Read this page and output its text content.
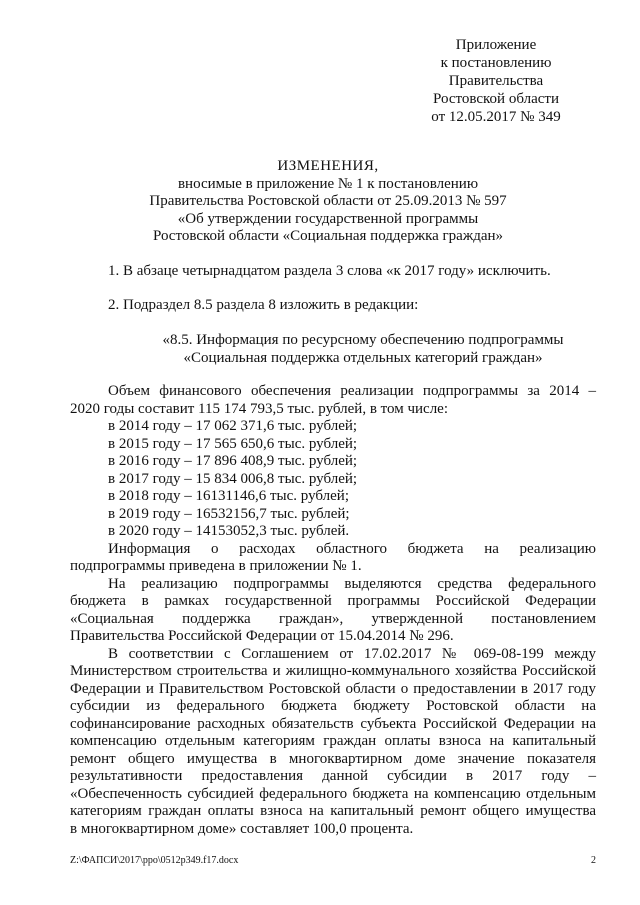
Приложение
к постановлению
Правительства
Ростовской области
от 12.05.2017 № 349
ИЗМЕНЕНИЯ,
вносимые в приложение № 1 к постановлению
Правительства Ростовской области от 25.09.2013 № 597
«Об утверждении государственной программы
Ростовской области «Социальная поддержка граждан»
1. В абзаце четырнадцатом раздела 3 слова «к 2017 году» исключить.
2. Подраздел 8.5 раздела 8 изложить в редакции:
«8.5. Информация по ресурсному обеспечению подпрограммы
«Социальная поддержка отдельных категорий граждан»
Объем финансового обеспечения реализации подпрограммы за 2014 –
2020 годы составит 115 174 793,5 тыс. рублей, в том числе:
в 2014 году – 17 062 371,6 тыс. рублей;
в 2015 году – 17 565 650,6 тыс. рублей;
в 2016 году – 17 896 408,9 тыс. рублей;
в 2017 году – 15 834 006,8 тыс. рублей;
в 2018 году – 16131146,6 тыс. рублей;
в 2019 году – 16532156,7 тыс. рублей;
в 2020 году – 14153052,3 тыс. рублей.
Информация о расходах областного бюджета на реализацию
подпрограммы приведена в приложении № 1.
На реализацию подпрограммы выделяются средства федерального
бюджета в рамках государственной программы Российской Федерации
«Социальная поддержка граждан», утвержденной постановлением
Правительства Российской Федерации от 15.04.2014 № 296.
В соответствии с Соглашением от 17.02.2017 № 069-08-199 между
Министерством строительства и жилищно-коммунального хозяйства Российской
Федерации и Правительством Ростовской области о предоставлении в 2017 году
субсидии из федерального бюджета бюджету Ростовской области на
софинансирование расходных обязательств субъекта Российской Федерации на
компенсацию отдельным категориям граждан оплаты взноса на капитальный
ремонт общего имущества в многоквартирном доме значение показателя
результативности предоставления данной субсидии в 2017 году –
«Обеспеченность субсидией федерального бюджета на компенсацию отдельным
категориям граждан оплаты взноса на капитальный ремонт общего имущества
в многоквартирном доме» составляет 100,0 процента.
Z:\ФАПСИ\2017\ppo\0512p349.f17.docx	2
